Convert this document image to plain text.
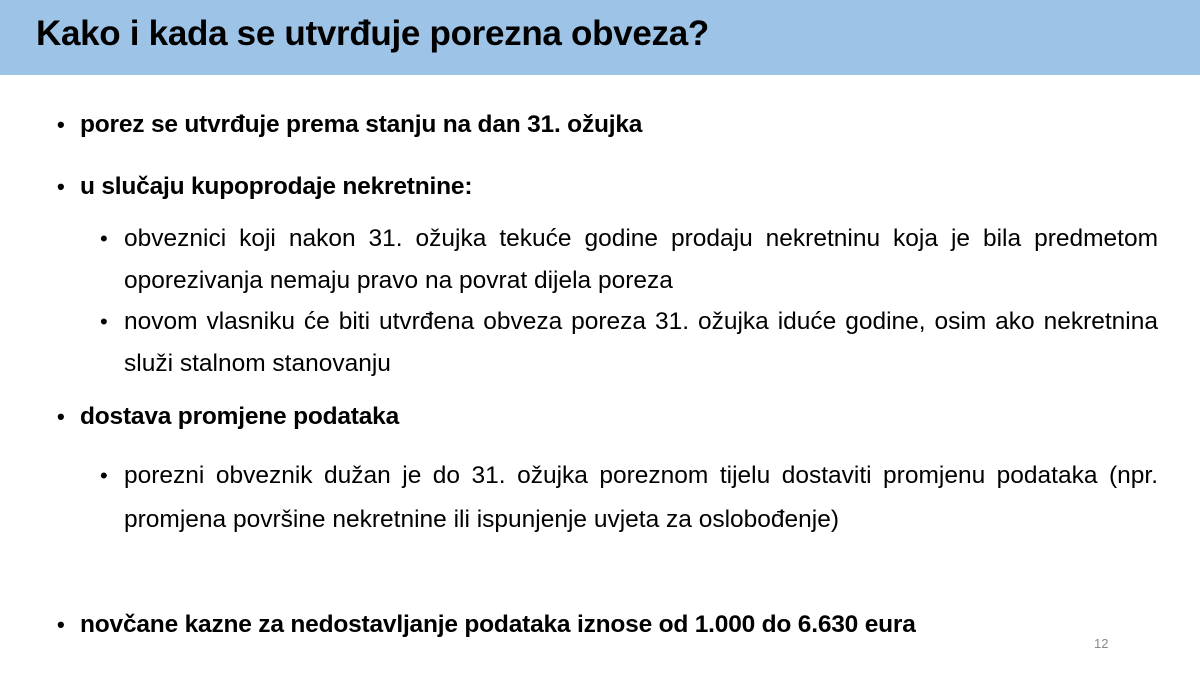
Kako i kada se utvrđuje porezna obveza?
• porez se utvrđuje prema stanju na dan 31. ožujka
• u slučaju kupoprodaje nekretnine:
• obveznici koji nakon 31. ožujka tekuće godine prodaju nekretninu koja je bila predmetom oporezivanja nemaju pravo na povrat dijela poreza
• novom vlasniku će biti utvrđena obveza poreza 31. ožujka iduće godine, osim ako nekretnina služi stalnom stanovanju
• dostava promjene podataka
• porezni obveznik dužan je do 31. ožujka poreznom tijelu dostaviti promjenu podataka (npr. promjena površine nekretnine ili ispunjenje uvjeta za oslobođenje)
• novčane kazne za nedostavljanje podataka iznose od 1.000 do 6.630 eura
12
